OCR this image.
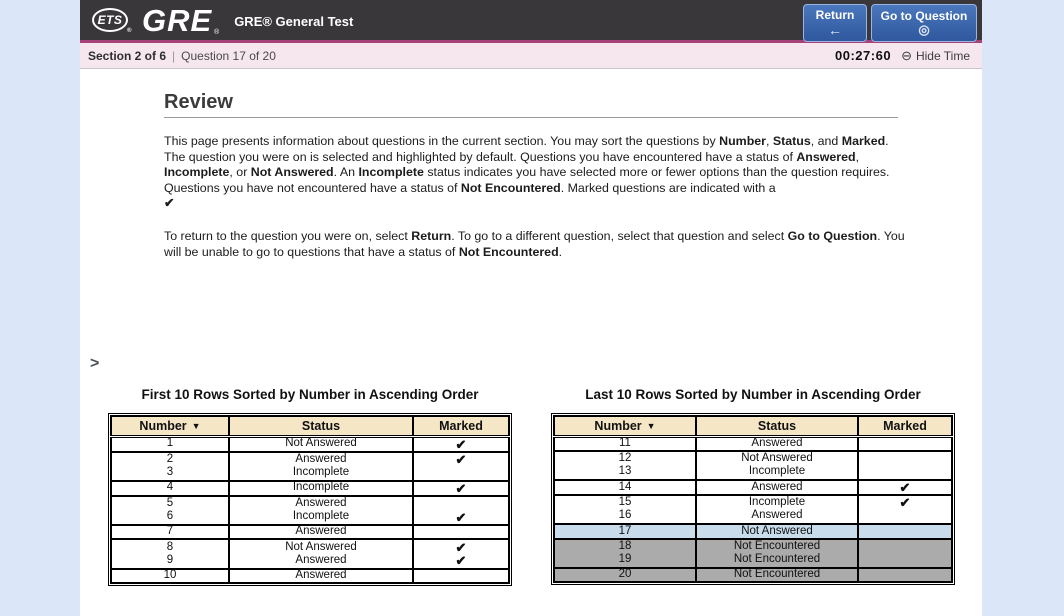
ETS
® GRE ®
GRE® General Test	Return
←
Go to Question
◎
Section 2 of 6 | Question 17 of 20	00:27:60 ⊖ Hide Time
>
Review

This page presents information about questions in the current section. You may sort the questions by Number, Status, and Marked. The question you were on is selected and highlighted by default. Questions you have encountered have a status of Answered, Incomplete, or Not Answered. An Incomplete status indicates you have selected more or fewer options than the question requires. Questions you have not encountered have a status of Not Encountered. Marked questions are indicated with a
✔

To return to the question you were on, select Return. To go to a different question, select that question and select Go to Question. You will be unable to go to questions that have a status of Not Encountered.

First 10 Rows Sorted by Number in Ascending Order
Number ▼	Status	Marked
1	Not Answered	✔
2	Answered	✔
3	Incomplete	
4	Incomplete	✔
5	Answered	
6	Incomplete	✔
7	Answered	
8	Not Answered	✔
9	Answered	✔
10	Answered	
Last 10 Rows Sorted by Number in Ascending Order
Number ▼	Status	Marked
11	Answered	
12	Not Answered	
13	Incomplete	
14	Answered	✔
15	Incomplete	✔
16	Answered	
17	Not Answered	
18	Not Encountered	
19	Not Encountered	
20	Not Encountered	
